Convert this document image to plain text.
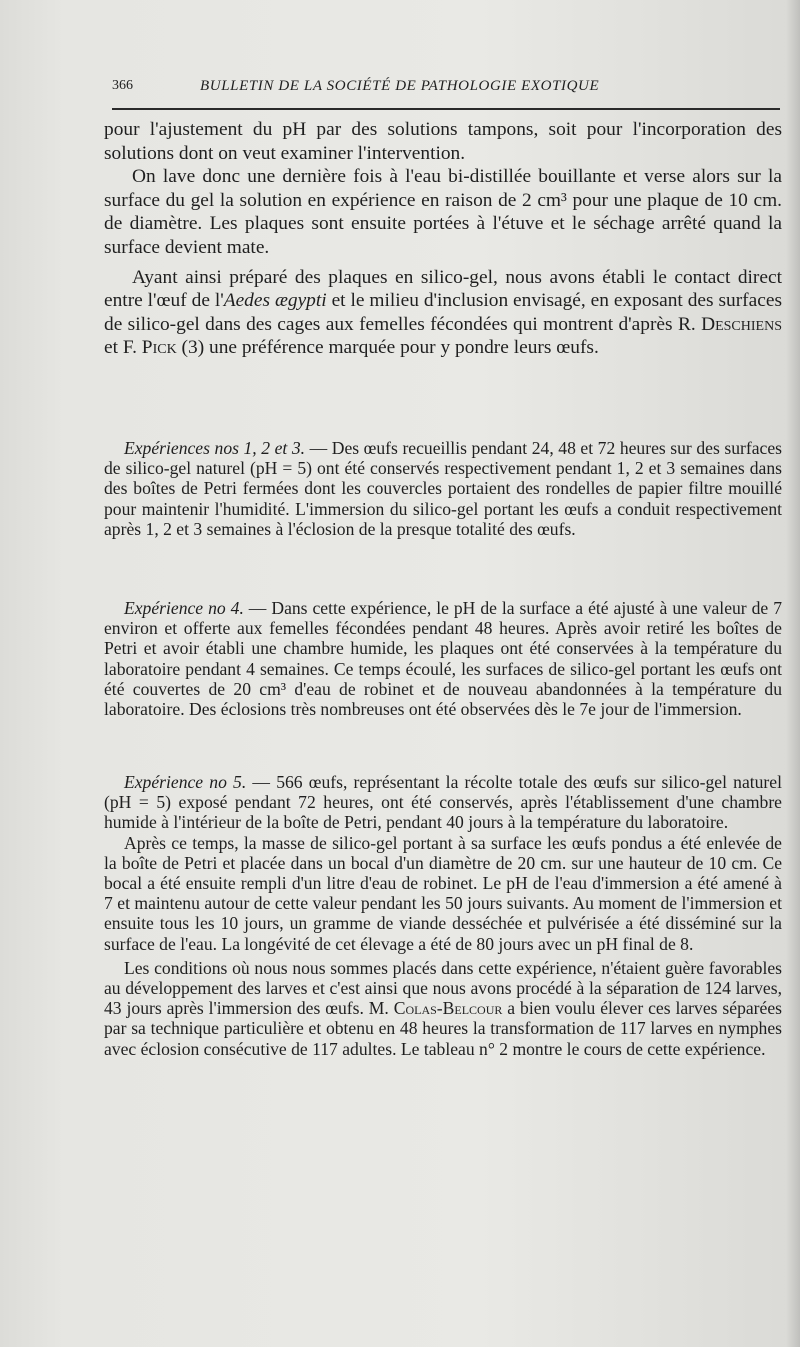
366	BULLETIN DE LA SOCIÉTÉ DE PATHOLOGIE EXOTIQUE

pour l'ajustement du pH par des solutions tampons, soit pour l'incorporation des solutions dont on veut examiner l'intervention.

On lave donc une dernière fois à l'eau bi-distillée bouillante et verse alors sur la surface du gel la solution en expérience en raison de 2 cm³ pour une plaque de 10 cm. de diamètre. Les plaques sont ensuite portées à l'étuve et le séchage arrêté quand la surface devient mate.

Ayant ainsi préparé des plaques en silico-gel, nous avons établi le contact direct entre l'œuf de l'Aedes ægypti et le milieu d'inclusion envisagé, en exposant des surfaces de silico-gel dans des cages aux femelles fécondées qui montrent d'après R. Deschiens et F. Pick (3) une préférence marquée pour y pondre leurs œufs.

Expériences nos 1, 2 et 3. — Des œufs recueillis pendant 24, 48 et 72 heures sur des surfaces de silico-gel naturel (pH = 5) ont été conservés respectivement pendant 1, 2 et 3 semaines dans des boîtes de Petri fermées dont les couvercles portaient des rondelles de papier filtre mouillé pour maintenir l'humidité. L'immersion du silico-gel portant les œufs a conduit respectivement après 1, 2 et 3 semaines à l'éclosion de la presque totalité des œufs.

Expérience no 4. — Dans cette expérience, le pH de la surface a été ajusté à une valeur de 7 environ et offerte aux femelles fécondées pendant 48 heures. Après avoir retiré les boîtes de Petri et avoir établi une chambre humide, les plaques ont été conservées à la température du laboratoire pendant 4 semaines. Ce temps écoulé, les surfaces de silico-gel portant les œufs ont été couvertes de 20 cm³ d'eau de robinet et de nouveau abandonnées à la température du laboratoire. Des éclosions très nombreuses ont été observées dès le 7e jour de l'immersion.

Expérience no 5. — 566 œufs, représentant la récolte totale des œufs sur silico-gel naturel (pH = 5) exposé pendant 72 heures, ont été conservés, après l'établissement d'une chambre humide à l'intérieur de la boîte de Petri, pendant 40 jours à la température du laboratoire.

Après ce temps, la masse de silico-gel portant à sa surface les œufs pondus a été enlevée de la boîte de Petri et placée dans un bocal d'un diamètre de 20 cm. sur une hauteur de 10 cm. Ce bocal a été ensuite rempli d'un litre d'eau de robinet. Le pH de l'eau d'immersion a été amené à 7 et maintenu autour de cette valeur pendant les 50 jours suivants. Au moment de l'immersion et ensuite tous les 10 jours, un gramme de viande desséchée et pulvérisée a été disséminé sur la surface de l'eau. La longévité de cet élevage a été de 80 jours avec un pH final de 8.

Les conditions où nous nous sommes placés dans cette expérience, n'étaient guère favorables au développement des larves et c'est ainsi que nous avons procédé à la séparation de 124 larves, 43 jours après l'immersion des œufs. M. Colas-Belcour a bien voulu élever ces larves séparées par sa technique particulière et obtenu en 48 heures la transformation de 117 larves en nymphes avec éclosion consécutive de 117 adultes. Le tableau n° 2 montre le cours de cette expérience.
